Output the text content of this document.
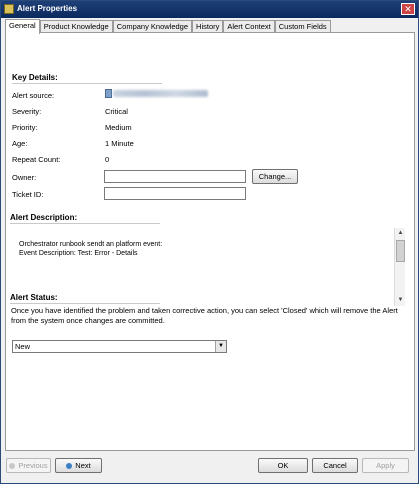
Alert Properties	✕
General	Product Knowledge	Company Knowledge	History	Alert Context	Custom Fields
Key Details:
Alert source:
Severity:	Critical
Priority:	Medium
Age:	1 Minute
Repeat Count:	0
Owner:	Change...
Ticket ID:
Alert Description:
Orchestrator runbook sendt an platform event:
Event Description: Test: Error - Details
▲
▼
Alert Status:
Once you have identified the problem and taken corrective action, you can select 'Closed' which will remove the Alert from the system once changes are committed.
New	▼
Previous	Next	OK	Cancel	Apply
